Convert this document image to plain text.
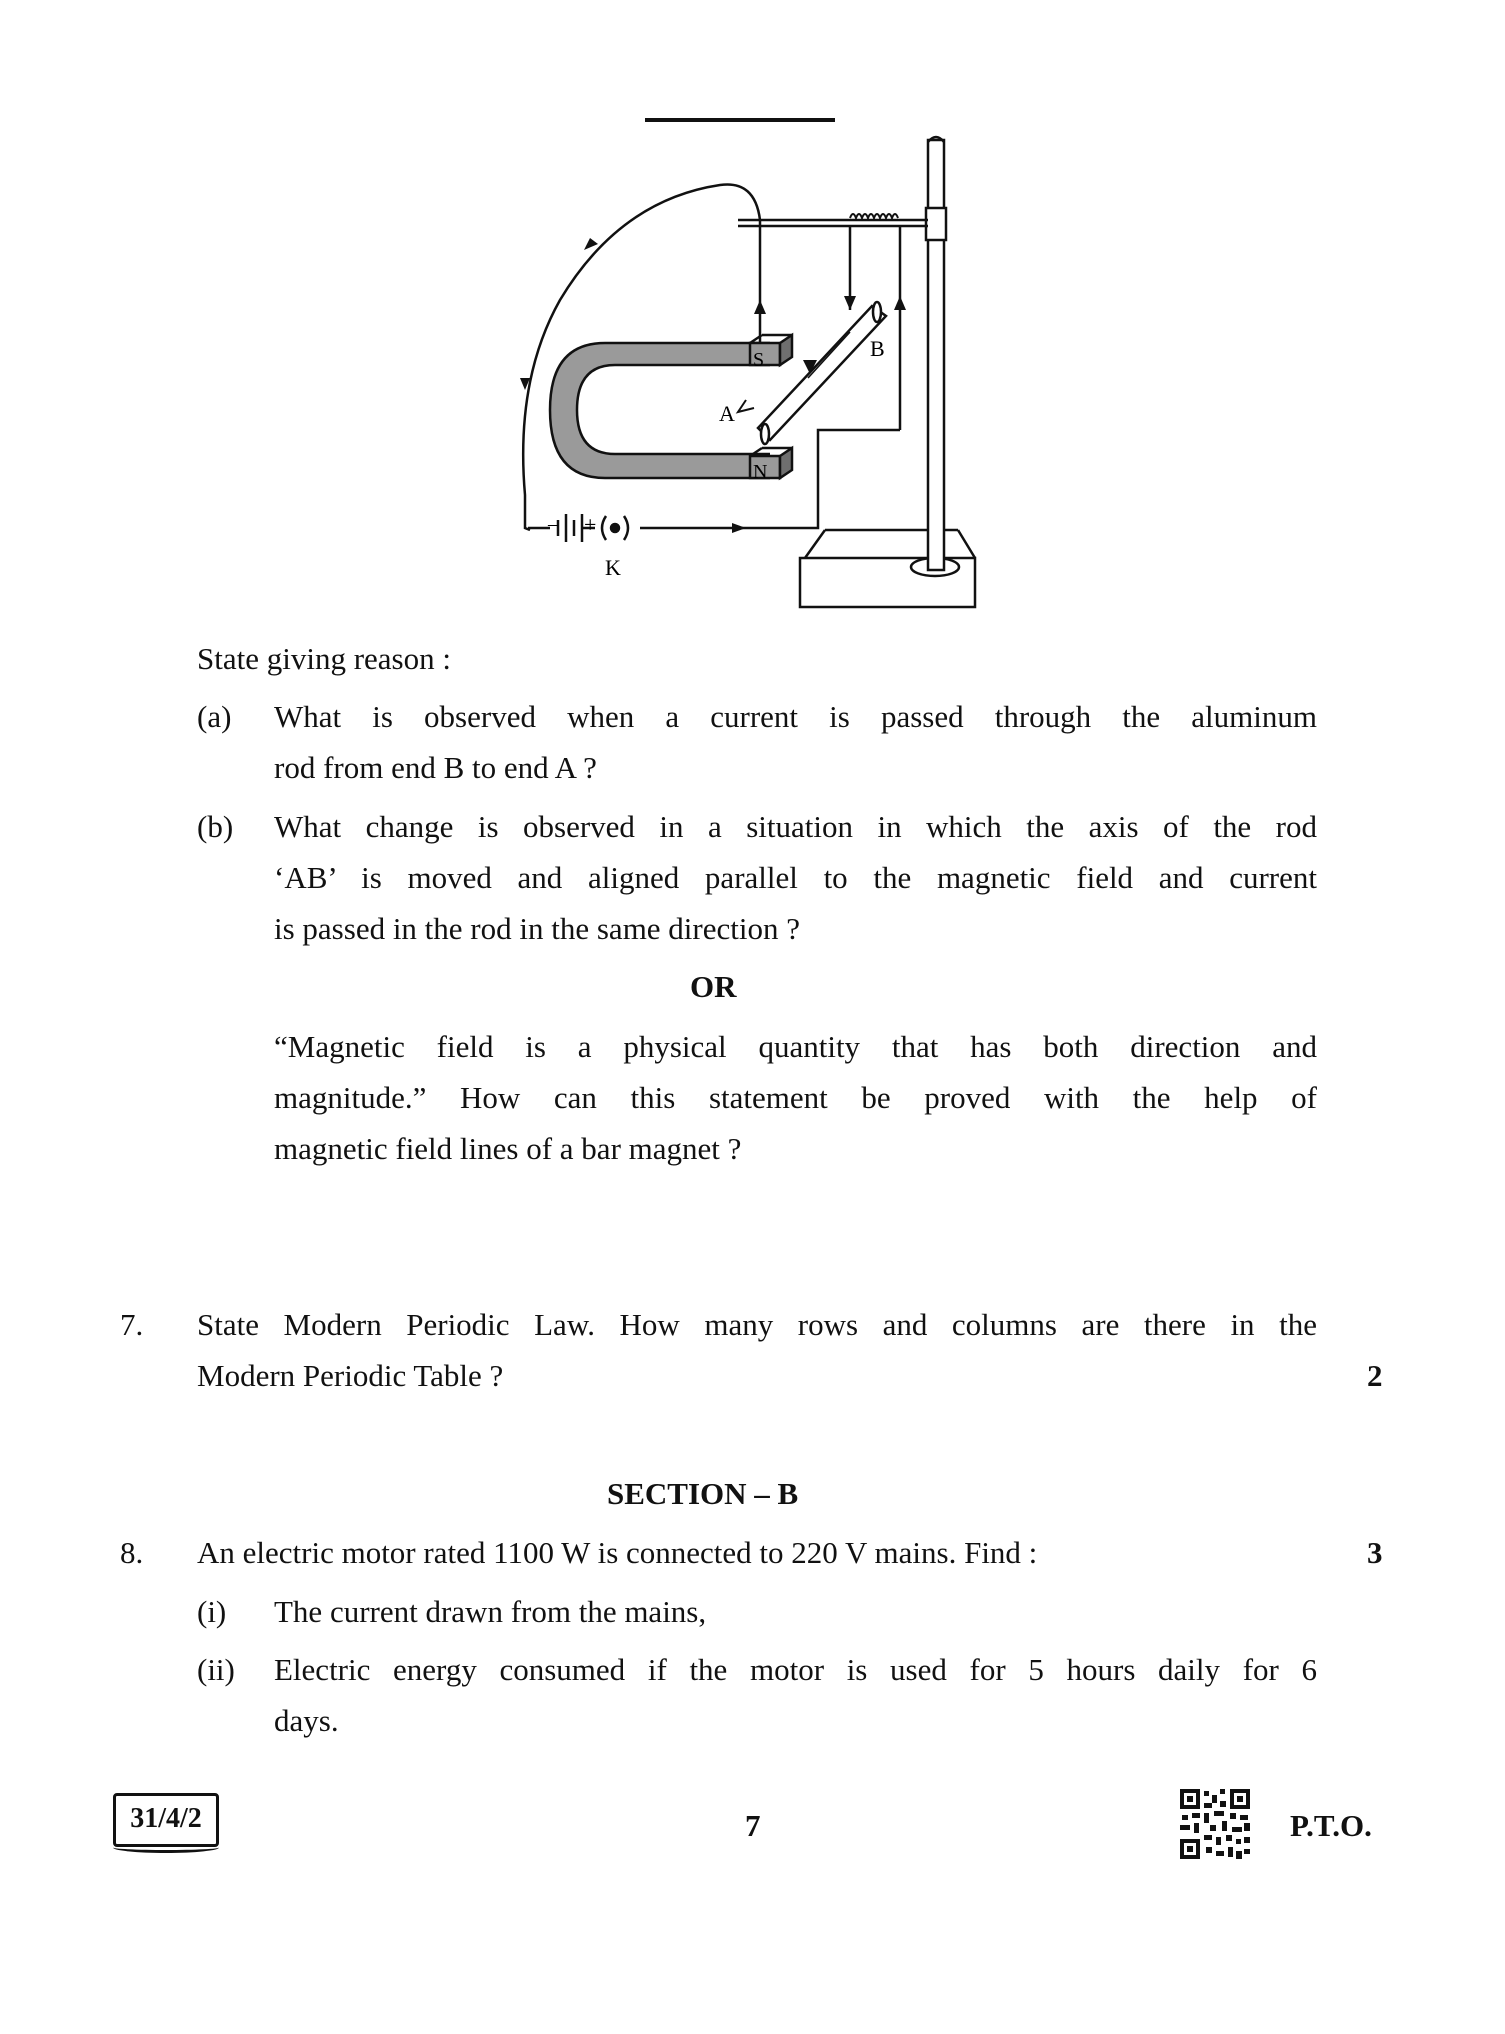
S
N
A
B
K
+
–
State giving reason :
(a) What is observed when a current is passed through the aluminum
rod from end B to end A ?
(b) What change is observed in a situation in which the axis of the rod
‘AB’ is moved and aligned parallel to the magnetic field and current
is passed in the rod in the same direction ?
OR
“Magnetic field is a physical quantity that has both direction and
magnitude.” How can this statement be proved with the help of
magnetic field lines of a bar magnet ?
7. State Modern Periodic Law. How many rows and columns are there in the
Modern Periodic Table ?	2
SECTION – B
8. An electric motor rated 1100 W is connected to 220 V mains. Find :	3
(i) The current drawn from the mains,
(ii) Electric energy consumed if the motor is used for 5 hours daily for 6
days.
31/4/2	7	P.T.O.
